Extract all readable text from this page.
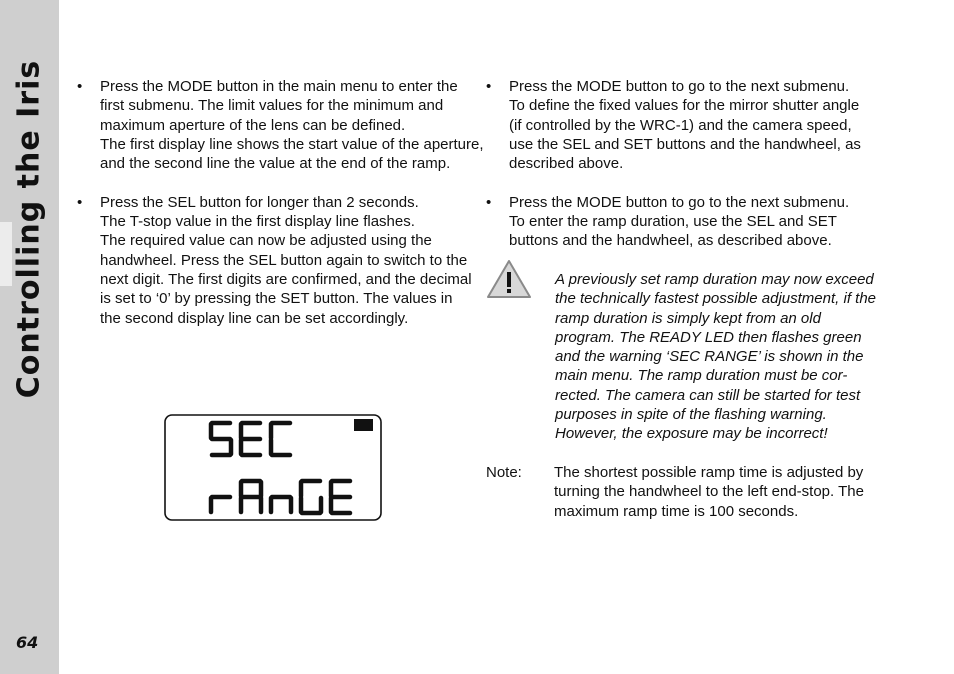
Controlling the Iris
64
• Press the MODE button in the main menu to enter the
first submenu. The limit values for the minimum and
maximum aperture of the lens can be defined.
The first display line shows the start value of the aperture,
and the second line the value at the end of the ramp.
• Press the SEL button for longer than 2 seconds.
The T-stop value in the first display line flashes.
The required value can now be adjusted using the
handwheel. Press the SEL button again to switch to the
next digit. The first digits are confirmed, and the decimal
is set to ‘0’ by pressing the SET button. The values in
the second display line can be set accordingly.
• Press the MODE button to go to the next submenu.
To define the fixed values for the mirror shutter angle
(if controlled by the WRC-1) and the camera speed,
use the SEL and SET buttons and the handwheel, as
described above.
• Press the MODE button to go to the next submenu.
To enter the ramp duration, use the SEL and SET
buttons and the handwheel, as described above.
A previously set ramp duration may now exceed
the technically fastest possible adjustment, if the
ramp duration is simply kept from an old
program. The READY LED then flashes green
and the warning ‘SEC RANGE’ is shown in the
main menu. The ramp duration must be cor-
rected. The camera can still be started for test
purposes in spite of the flashing warning.
However, the exposure may be incorrect!
Note: The shortest possible ramp time is adjusted by
turning the handwheel to the left end-stop. The
maximum ramp time is 100 seconds.
